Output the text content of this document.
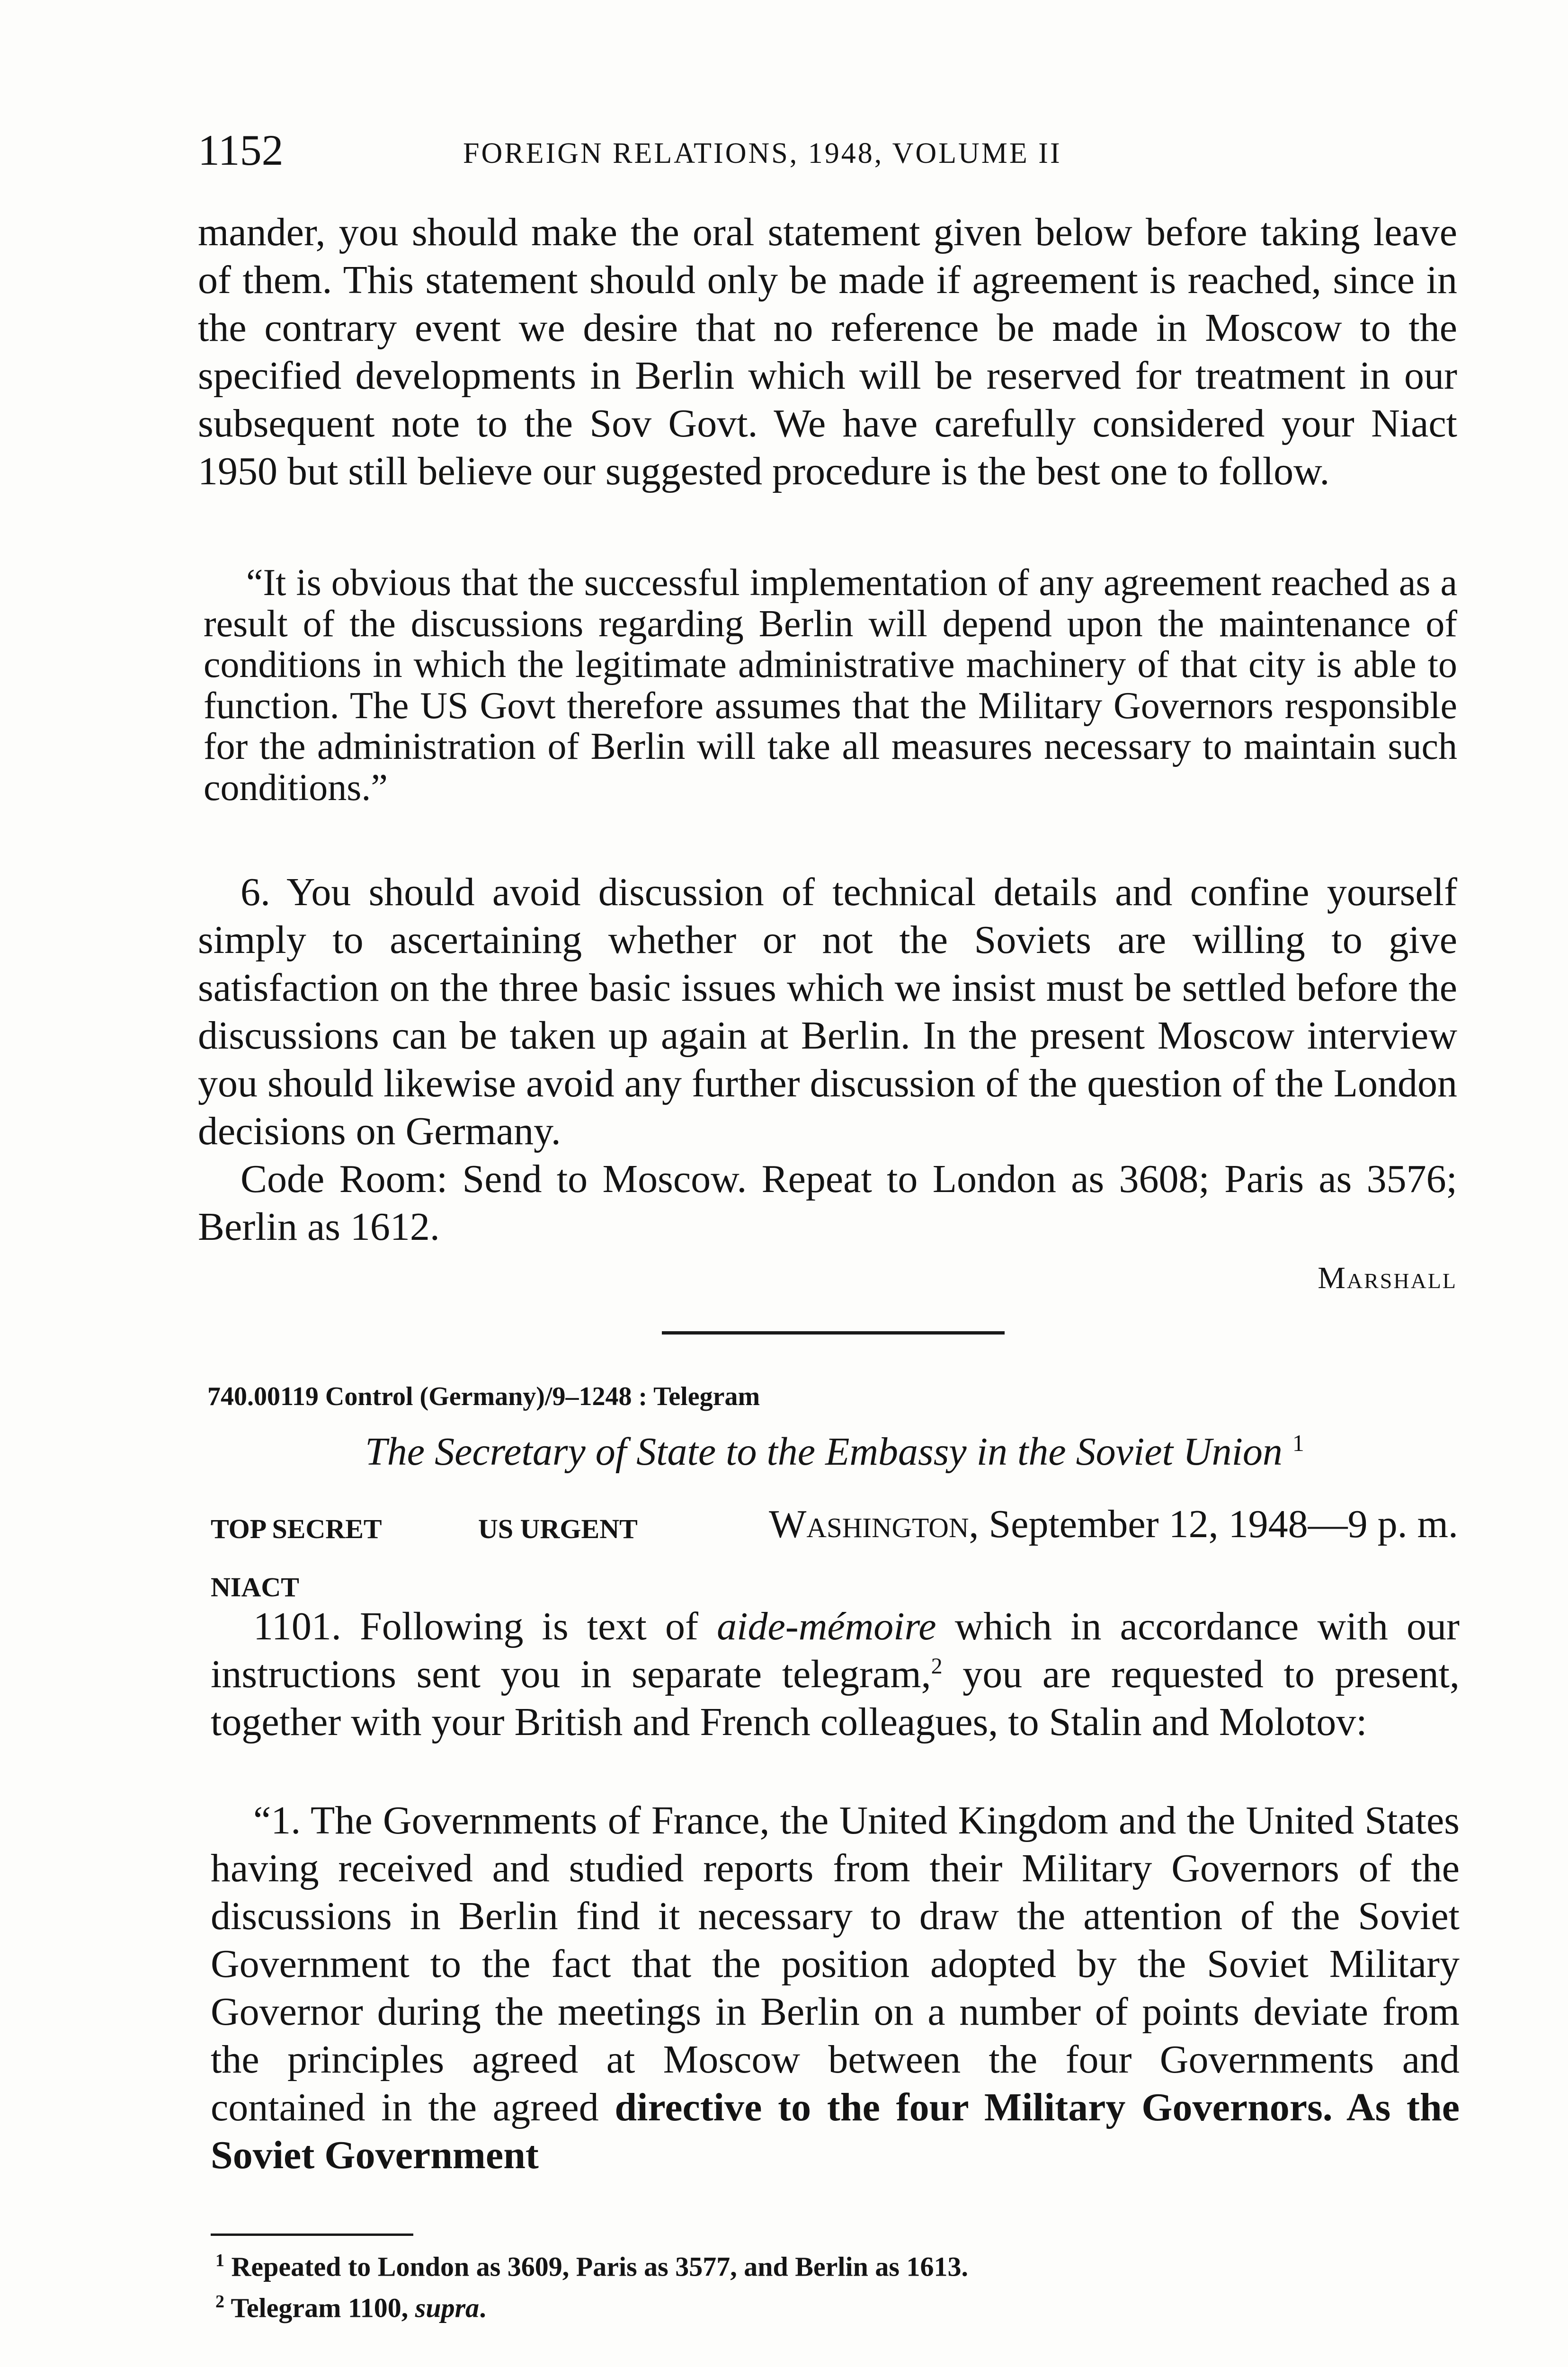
1152	FOREIGN RELATIONS, 1948, VOLUME II

mander, you should make the oral statement given below before taking leave of them. This statement should only be made if agreement is reached, since in the contrary event we desire that no reference be made in Moscow to the specified developments in Berlin which will be reserved for treatment in our subsequent note to the Sov Govt. We have carefully considered your Niact 1950 but still believe our suggested procedure is the best one to follow.

“It is obvious that the successful implementation of any agreement reached as a result of the discussions regarding Berlin will depend upon the maintenance of conditions in which the legitimate administrative machinery of that city is able to function. The US Govt therefore assumes that the Military Governors responsible for the administration of Berlin will take all measures necessary to maintain such conditions.”

6. You should avoid discussion of technical details and confine yourself simply to ascertaining whether or not the Soviets are willing to give satisfaction on the three basic issues which we insist must be settled before the discussions can be taken up again at Berlin. In the present Moscow interview you should likewise avoid any further discussion of the question of the London decisions on Germany.

Code Room: Send to Moscow. Repeat to London as 3608; Paris as 3576; Berlin as 1612.

Marshall
740.00119 Control (Germany)/9–1248 : Telegram
The Secretary of State to the Embassy in the Soviet Union $^1$
TOP SECRET	US URGENT	Washington, September 12, 1948—9 p. m.
NIACT

1101. Following is text of aide-mémoire which in accordance with our instructions sent you in separate telegram,$^2$ you are requested to present, together with your British and French colleagues, to Stalin and Molotov:

“1. The Governments of France, the United Kingdom and the United States having received and studied reports from their Military Governors of the discussions in Berlin find it necessary to draw the attention of the Soviet Government to the fact that the position adopted by the Soviet Military Governor during the meetings in Berlin on a number of points deviate from the principles agreed at Moscow between the four Governments and contained in the agreed directive to the four Military Governors. As the Soviet Government

$^1$ Repeated to London as 3609, Paris as 3577, and Berlin as 1613.

$^2$ Telegram 1100, supra.
